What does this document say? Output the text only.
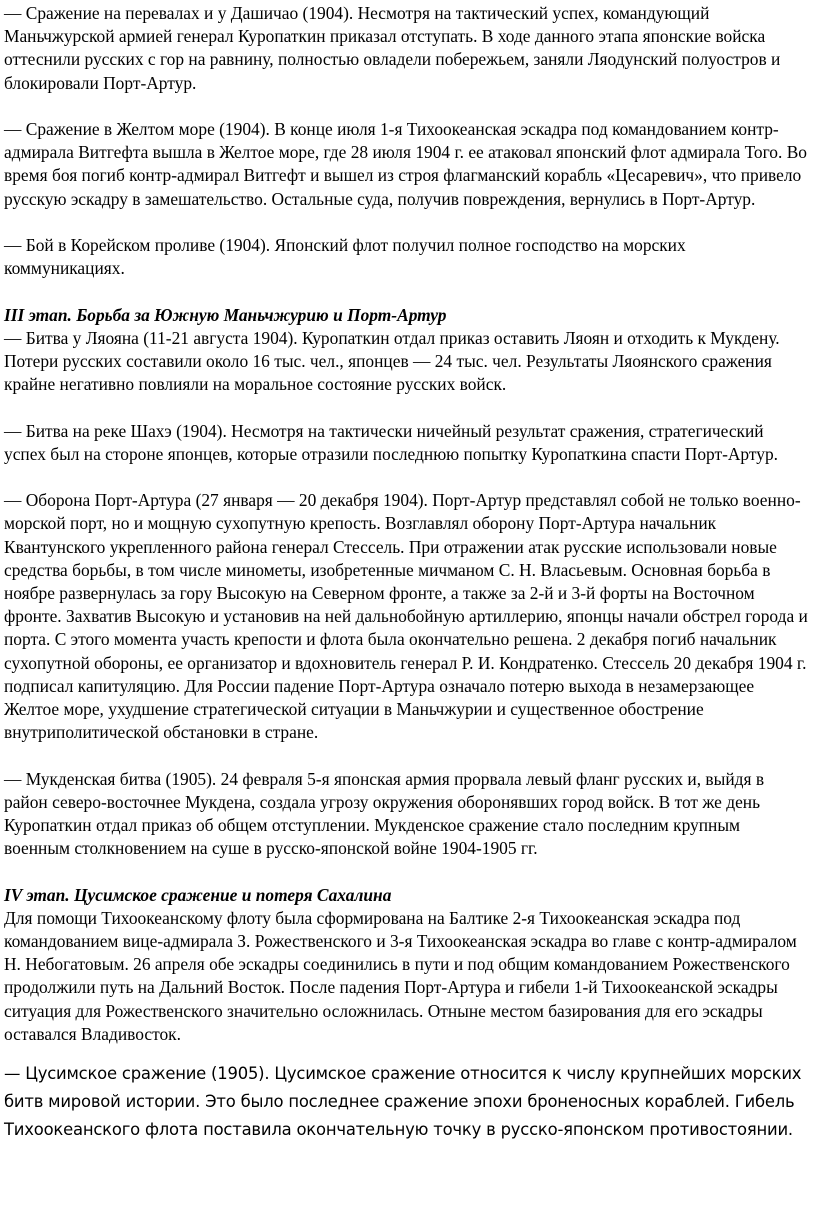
— Сражение на перевалах и у Дашичао (1904). Несмотря на тактический успех, командующий Маньчжурской армией генерал Куропаткин приказал отступать. В ходе данного этапа японские войска оттеснили русских с гор на равнину, полностью овладели побережьем, заняли Ляодунский полуостров и блокировали Порт-Артур.

— Сражение в Желтом море (1904). В конце июля 1-я Тихоокеанская эскадра под командованием контр-адмирала Витгефта вышла в Желтое море, где 28 июля 1904 г. ее атаковал японский флот адмирала Того. Во время боя погиб контр-адмирал Витгефт и вышел из строя флагманский корабль «Цесаревич», что привело русскую эскадру в замешательство. Остальные суда, получив повреждения, вернулись в Порт-Артур.

— Бой в Корейском проливе (1904). Японский флот получил полное господство на морских коммуникациях.

III этап. Борьба за Южную Маньчжурию и Порт-Артур

— Битва у Ляояна (11-21 августа 1904). Куропаткин отдал приказ оставить Ляоян и отходить к Мукдену. Потери русских составили около 16 тыс. чел., японцев — 24 тыс. чел. Результаты Ляоянского сражения крайне негативно повлияли на моральное состояние русских войск.

— Битва на реке Шахэ (1904). Несмотря на тактически ничейный результат сражения, стратегический успех был на стороне японцев, которые отразили последнюю попытку Куропаткина спасти Порт-Артур.

— Оборона Порт-Артура (27 января — 20 декабря 1904). Порт-Артур представлял собой не только военно-морской порт, но и мощную сухопутную крепость. Возглавлял оборону Порт-Артура начальник Квантунского укрепленного района генерал Стессель. При отражении атак русские использовали новые средства борьбы, в том числе минометы, изобретенные мичманом С. Н. Власьевым. Основная борьба в ноябре развернулась за гору Высокую на Северном фронте, а также за 2-й и 3-й форты на Восточном фронте. Захватив Высокую и установив на ней дальнобойную артиллерию, японцы начали обстрел города и порта. С этого момента участь крепости и флота была окончательно решена. 2 декабря погиб начальник сухопутной обороны, ее организатор и вдохновитель генерал Р. И. Кондратенко. Стессель 20 декабря 1904 г. подписал капитуляцию. Для России падение Порт-Артура означало потерю выхода в незамерзающее Желтое море, ухудшение стратегической ситуации в Маньчжурии и существенное обострение внутриполитической обстановки в стране.

— Мукденская битва (1905). 24 февраля 5-я японская армия прорвала левый фланг русских и, выйдя в район северо-восточнее Мукдена, создала угрозу окружения оборонявших город войск. В тот же день Куропаткин отдал приказ об общем отступлении. Мукденское сражение стало последним крупным военным столкновением на суше в русско-японской войне 1904-1905 гг.

IV этап. Цусимское сражение и потеря Сахалина

Для помощи Тихоокеанскому флоту была сформирована на Балтике 2-я Тихоокеанская эскадра под командованием вице-адмирала З. Рожественского и 3-я Тихоокеанская эскадра во главе с контр-адмиралом Н. Небогатовым. 26 апреля обе эскадры соединились в пути и под общим командованием Рожественского продолжили путь на Дальний Восток. После падения Порт-Артура и гибели 1-й Тихоокеанской эскадры ситуация для Рожественского значительно осложнилась. Отныне местом базирования для его эскадры оставался Владивосток.

— Цусимское сражение (1905). Цусимское сражение относится к числу крупнейших морских битв мировой истории. Это было последнее сражение эпохи броненосных кораблей. Гибель Тихоокеанского флота поставила окончательную точку в русско-японском противостоянии.
